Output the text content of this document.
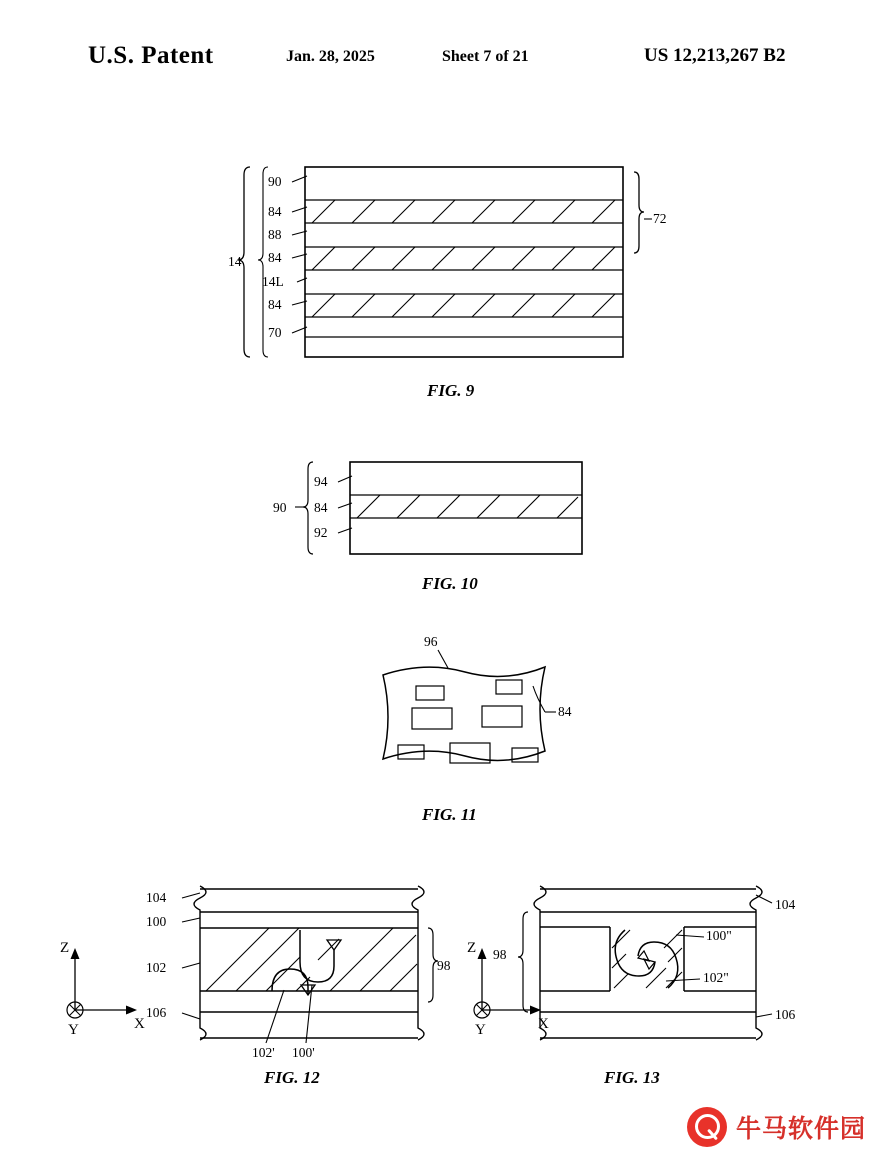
U.S. Patent	Jan. 28, 2025	Sheet 7 of 21	US 12,213,267 B2
90
84
88
84
14L
84
70
14
72
FIG. 9
94
84
92
90
FIG. 10
96
84
FIG. 11
104
100
102
106
102' 100'
98
Z
Y	X
FIG. 12
104
100"
102"
106
98
Z
Y	X
FIG. 13
牛马软件园
